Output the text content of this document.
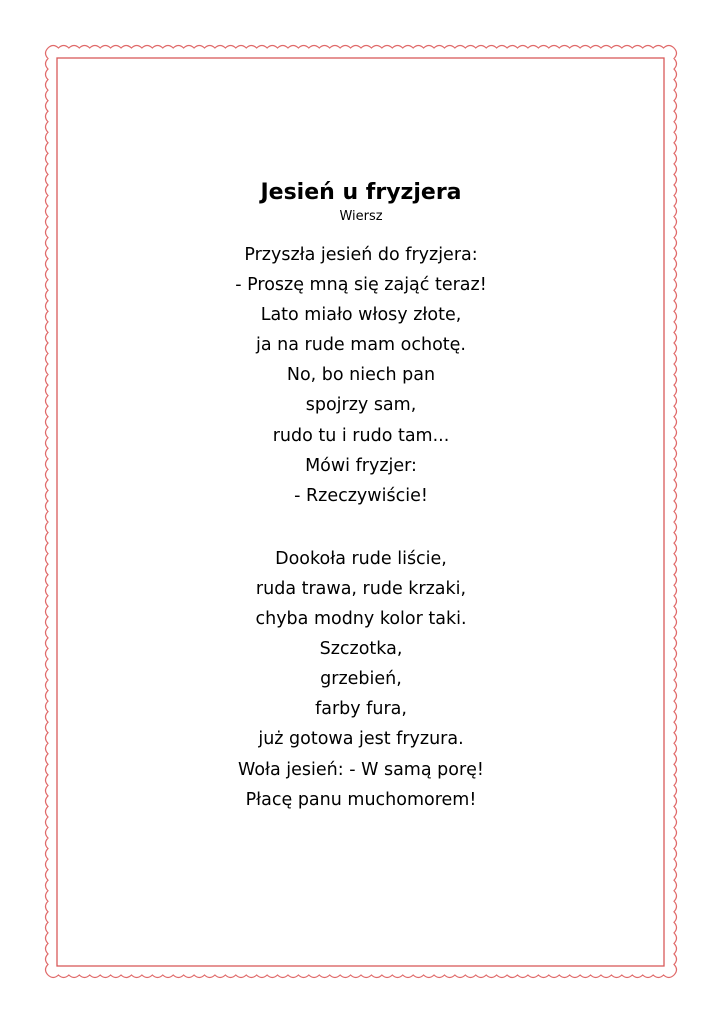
Jesień u fryzjera
Wiersz
Przyszła jesień do fryzjera:
- Proszę mną się zająć teraz!
Lato miało włosy złote,
ja na rude mam ochotę.
No, bo niech pan
spojrzy sam,
rudo tu i rudo tam...
Mówi fryzjer:
- Rzeczywiście!
Dookoła rude liście,
ruda trawa, rude krzaki,
chyba modny kolor taki.
Szczotka,
grzebień,
farby fura,
już gotowa jest fryzura.
Woła jesień: - W samą porę!
Płacę panu muchomorem!
